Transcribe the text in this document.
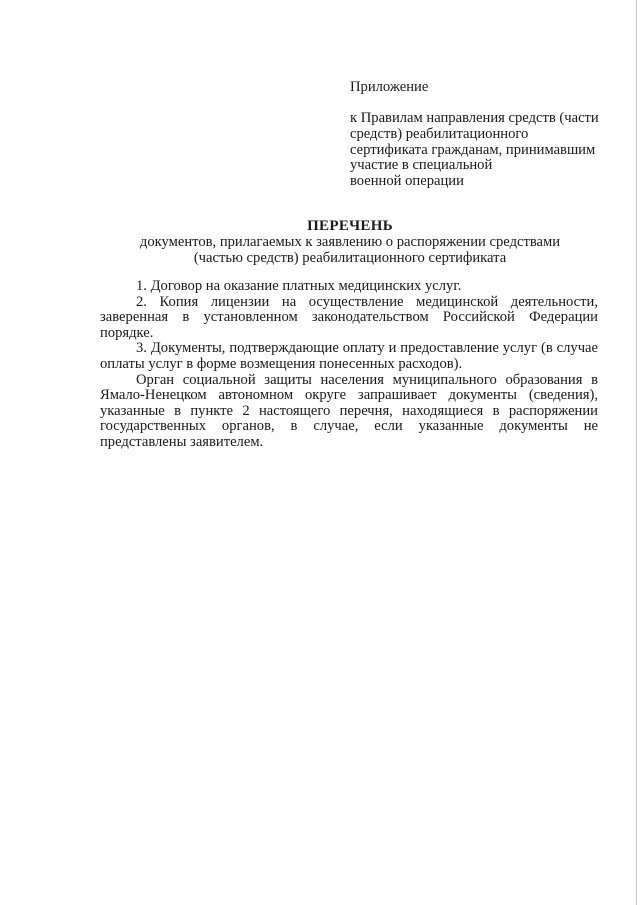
Приложение
к Правилам направления средств (части
средств) реабилитационного
сертификата гражданам, принимавшим
участие в специальной
военной операции
ПЕРЕЧЕНЬ
документов, прилагаемых к заявлению о распоряжении средствами
(частью средств) реабилитационного сертификата

1. Договор на оказание платных медицинских услуг.

2. Копия лицензии на осуществление медицинской деятельности, заверенная в установленном законодательством Российской Федерации порядке.

3. Документы, подтверждающие оплату и предоставление услуг (в случае оплаты услуг в форме возмещения понесенных расходов).

Орган социальной защиты населения муниципального образования в Ямало-Ненецком автономном округе запрашивает документы (сведения), указанные в пункте 2 настоящего перечня, находящиеся в распоряжении государственных органов, в случае, если указанные документы не представлены заявителем.
